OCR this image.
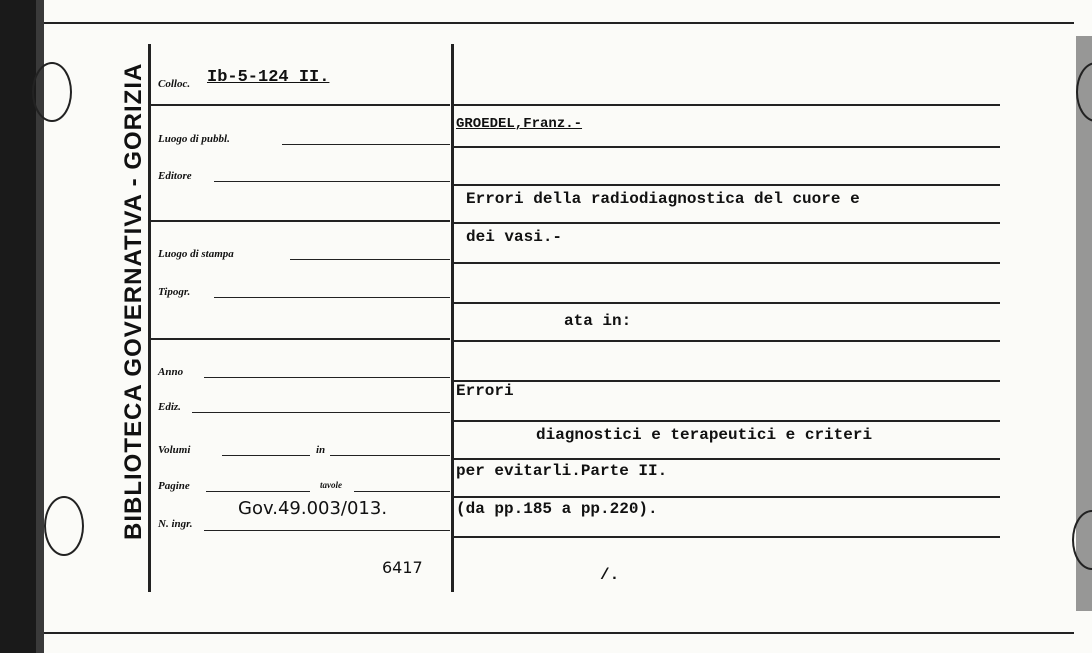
BIBLIOTECA GOVERNATIVA - GORIZIA Colloc. Ib-5-124 II.
Luogo di pubbl.
Editore
Luogo di stampa
Tipogr.
Anno
Ediz.
Volumi	in
Pagine	tavole
N. ingr.
Gov.49.003/013.
6417
GROEDEL,Franz.-
Errori della radiodiagnostica del cuore e
dei vasi.-
ata in:
Errori
diagnostici e terapeutici e criteri
per evitarli.Parte II.
(da pp.185 a pp.220).
/.
